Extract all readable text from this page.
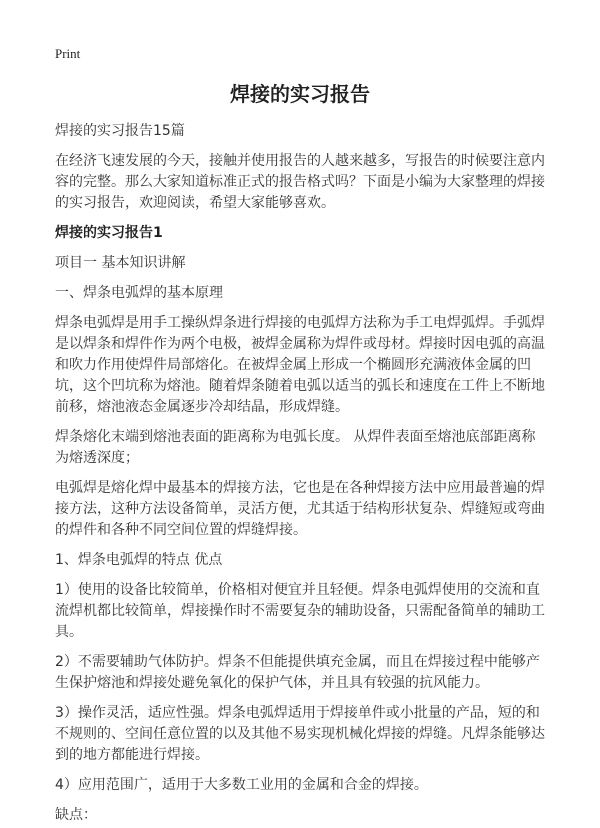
Print
焊接的实习报告

焊接的实习报告15篇

在经济飞速发展的今天，接触并使用报告的人越来越多，写报告的时候要注意内容的完整。那么大家知道标准正式的报告格式吗？下面是小编为大家整理的焊接的实习报告，欢迎阅读，希望大家能够喜欢。

焊接的实习报告1

项目一 基本知识讲解

一、焊条电弧焊的基本原理

焊条电弧焊是用手工操纵焊条进行焊接的电弧焊方法称为手工电焊弧焊。手弧焊是以焊条和焊件作为两个电极，被焊金属称为焊件或母材。焊接时因电弧的高温和吹力作用使焊件局部熔化。在被焊金属上形成一个椭圆形充满液体金属的凹坑，这个凹坑称为熔池。随着焊条随着电弧以适当的弧长和速度在工件上不断地前移，熔池液态金属逐步冷却结晶，形成焊缝。

焊条熔化末端到熔池表面的距离称为电弧长度。 从焊件表面至熔池底部距离称为熔透深度；

电弧焊是熔化焊中最基本的焊接方法，它也是在各种焊接方法中应用最普遍的焊接方法，这种方法设备简单，灵活方便，尤其适于结构形状复杂、焊缝短或弯曲的焊件和各种不同空间位置的焊缝焊接。

1、焊条电弧焊的特点 优点

1）使用的设备比较简单，价格相对便宜并且轻便。焊条电弧焊使用的交流和直流焊机都比较简单，焊接操作时不需要复杂的辅助设备，只需配备简单的辅助工具。

2）不需要辅助气体防护。焊条不但能提供填充金属，而且在焊接过程中能够产生保护熔池和焊接处避免氧化的保护气体，并且具有较强的抗风能力。

3）操作灵活，适应性强。焊条电弧焊适用于焊接单件或小批量的产品，短的和不规则的、空间任意位置的以及其他不易实现机械化焊接的焊缝。凡焊条能够达到的地方都能进行焊接。

4）应用范围广，适用于大多数工业用的金属和合金的焊接。

缺点：
